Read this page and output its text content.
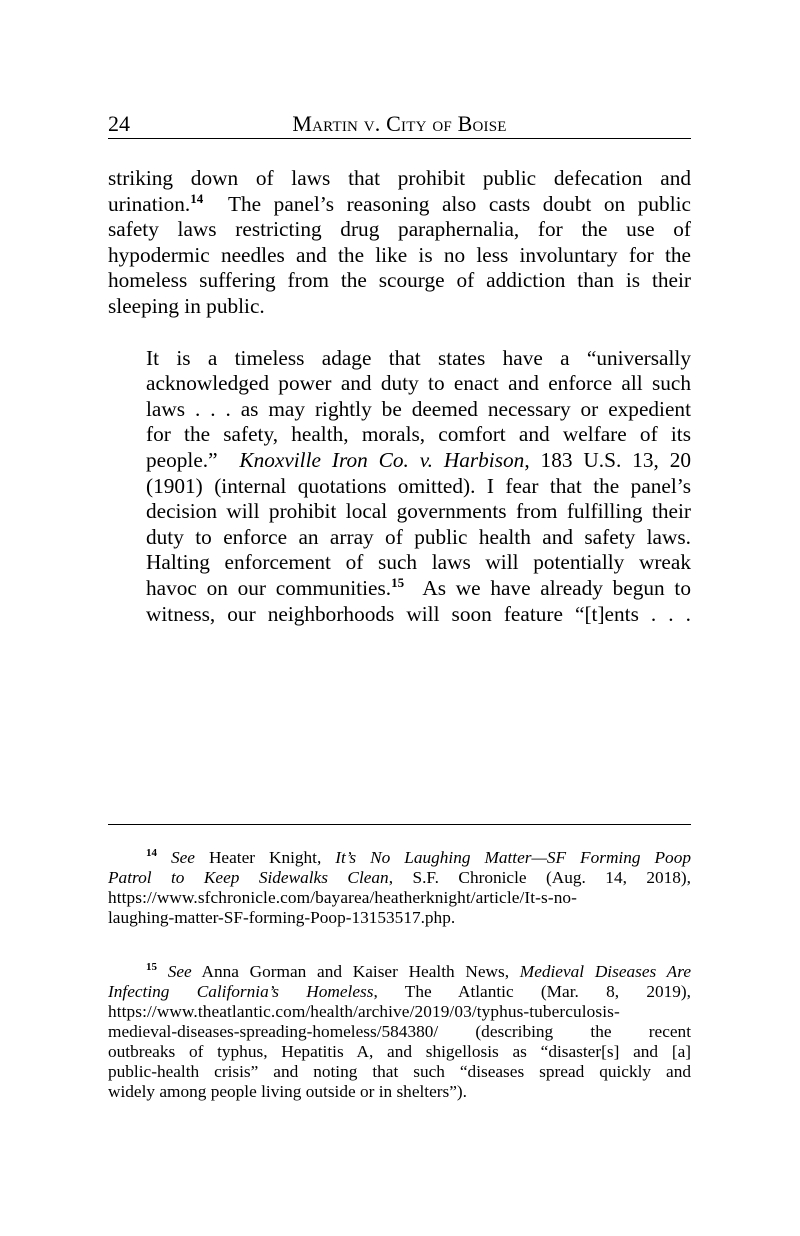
24	Martin v. City of Boise

striking down of laws that prohibit public defecation and
urination.$^{14}$  The panel’s reasoning also casts doubt on public
safety laws restricting drug paraphernalia, for the use of
hypodermic needles and the like is no less involuntary for the
homeless suffering from the scourge of addiction than is their
sleeping in public.

It is a timeless adage that states have a “universally
acknowledged power and duty to enact and enforce all such
laws . . . as may rightly be deemed necessary or expedient
for the safety, health, morals, comfort and welfare of its
people.”  Knoxville Iron Co. v. Harbison, 183 U.S. 13, 20
(1901) (internal quotations omitted). I fear that the panel’s
decision will prohibit local governments from fulfilling their
duty to enforce an array of public health and safety laws.
Halting enforcement of such laws will potentially wreak
havoc on our communities.$^{15}$  As we have already begun to
witness, our neighborhoods will soon feature “[t]ents . . .

$^{14}$ See Heater Knight, It’s No Laughing Matter—SF Forming Poop
Patrol to Keep Sidewalks Clean, S.F. Chronicle (Aug. 14, 2018),
https://www.sfchronicle.com/bayarea/heatherknight/article/It-s-no-
laughing-matter-SF-forming-Poop-13153517.php.
$^{15}$ See Anna Gorman and Kaiser Health News, Medieval Diseases Are
Infecting California’s Homeless, The Atlantic (Mar. 8, 2019),
https://www.theatlantic.com/health/archive/2019/03/typhus-tuberculosis-
medieval-diseases-spreading-homeless/584380/ (describing the recent
outbreaks of typhus, Hepatitis A, and shigellosis as “disaster[s] and [a]
public-health crisis” and noting that such “diseases spread quickly and
widely among people living outside or in shelters”).
